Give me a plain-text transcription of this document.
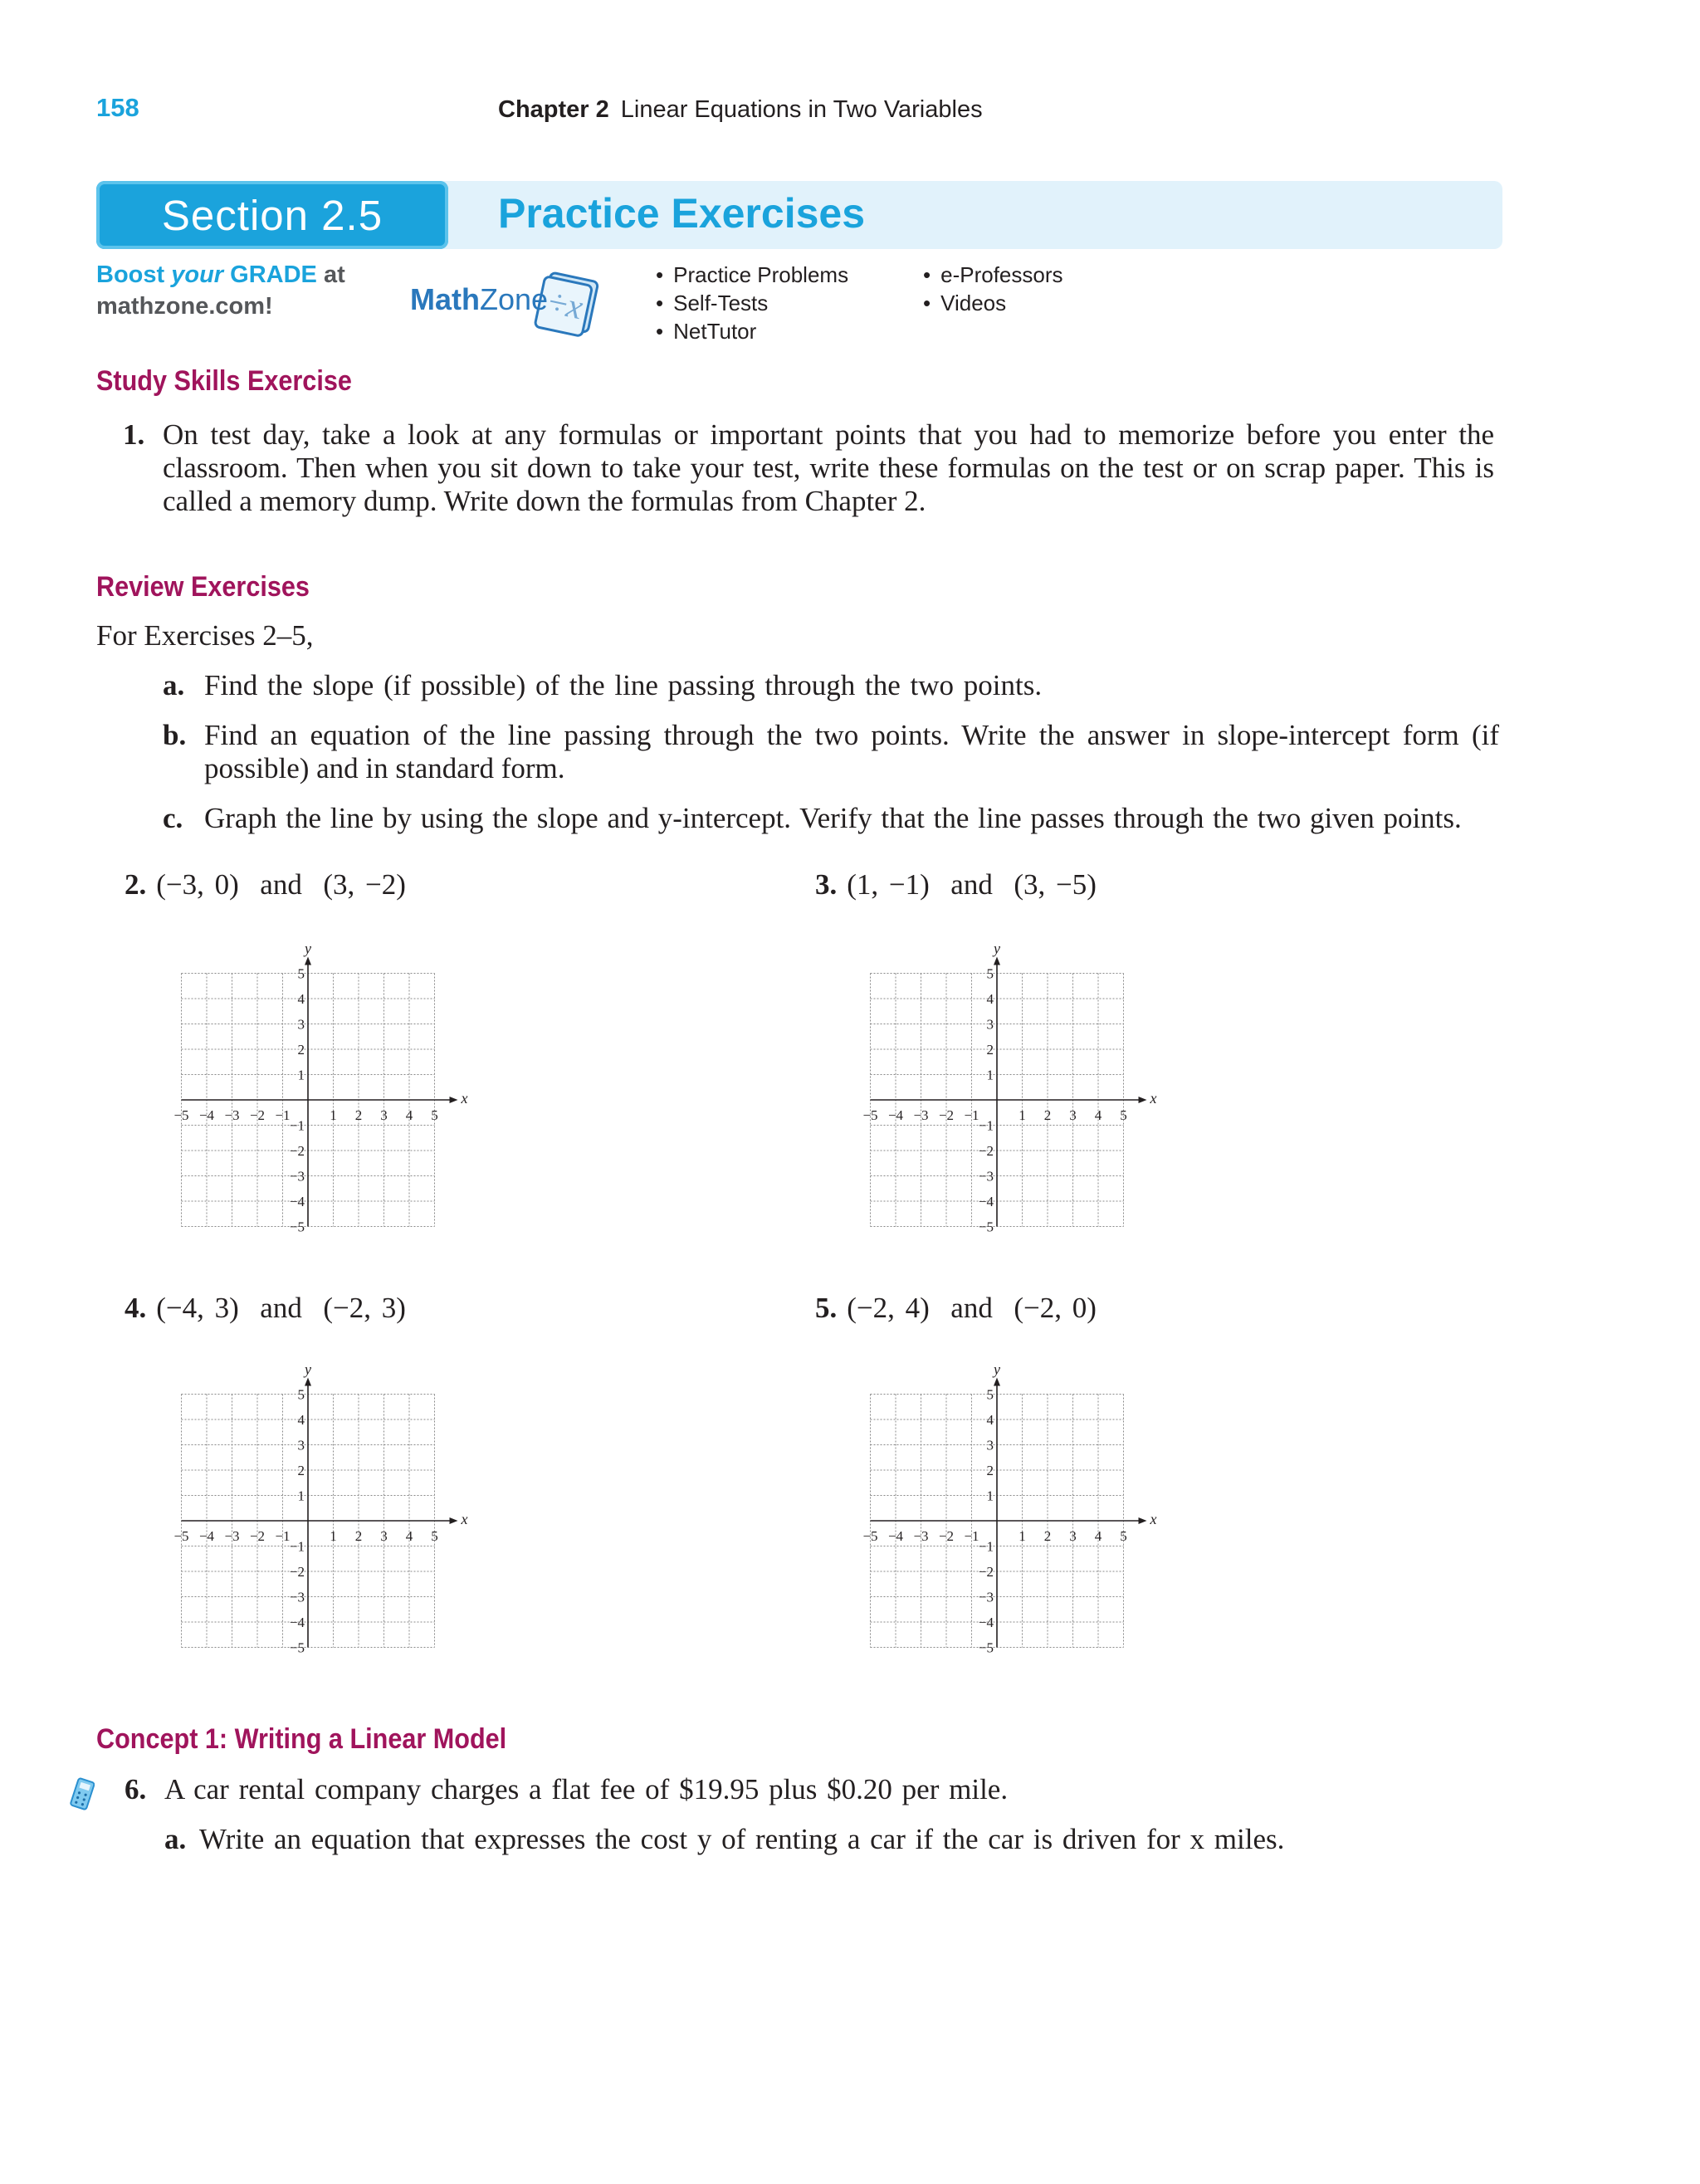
158	Chapter 2 Linear Equations in Two Variables
Section 2.5	Practice Exercises
Boost your GRADE at
mathzone.com!	÷x
MathZone
• Practice Problems
• Self-Tests
• NetTutor
• e-Professors
• Videos
Study Skills Exercise
1. On test day, take a look at any formulas or important points that you had to memorize before you enter the classroom. Then when you sit down to take your test, write these formulas on the test or on scrap paper. This is called a memory dump. Write down the formulas from Chapter 2.
Review Exercises
For Exercises 2–5,
a. Find the slope (if possible) of the line passing through the two points.
b. Find an equation of the line passing through the two points. Write the answer in slope-intercept form (if possible) and in standard form.
c. Graph the line by using the slope and y-intercept. Verify that the line passes through the two given points.
2. (−3, 0)  and  (3, −2)	3. (1, −1)  and  (3, −5)
4. (−4, 3)  and  (−2, 3)	5. (−2, 4)  and  (−2, 0)
x
y
1
−1
1
−1
2
−2
2
−2
3
−3
3
−3
4
−4
4
−4
5
−5
5
−5
x
y
1
−1
1
−1
2
−2
2
−2
3
−3
3
−3
4
−4
4
−4
5
−5
5
−5
x
y
1
−1
1
−1
2
−2
2
−2
3
−3
3
−3
4
−4
4
−4
5
−5
5
−5
x
y
1
−1
1
−1
2
−2
2
−2
3
−3
3
−3
4
−4
4
−4
5
−5
5
−5
Concept 1: Writing a Linear Model
6. A car rental company charges a flat fee of $19.95 plus $0.20 per mile.
a. Write an equation that expresses the cost y of renting a car if the car is driven for x miles.
